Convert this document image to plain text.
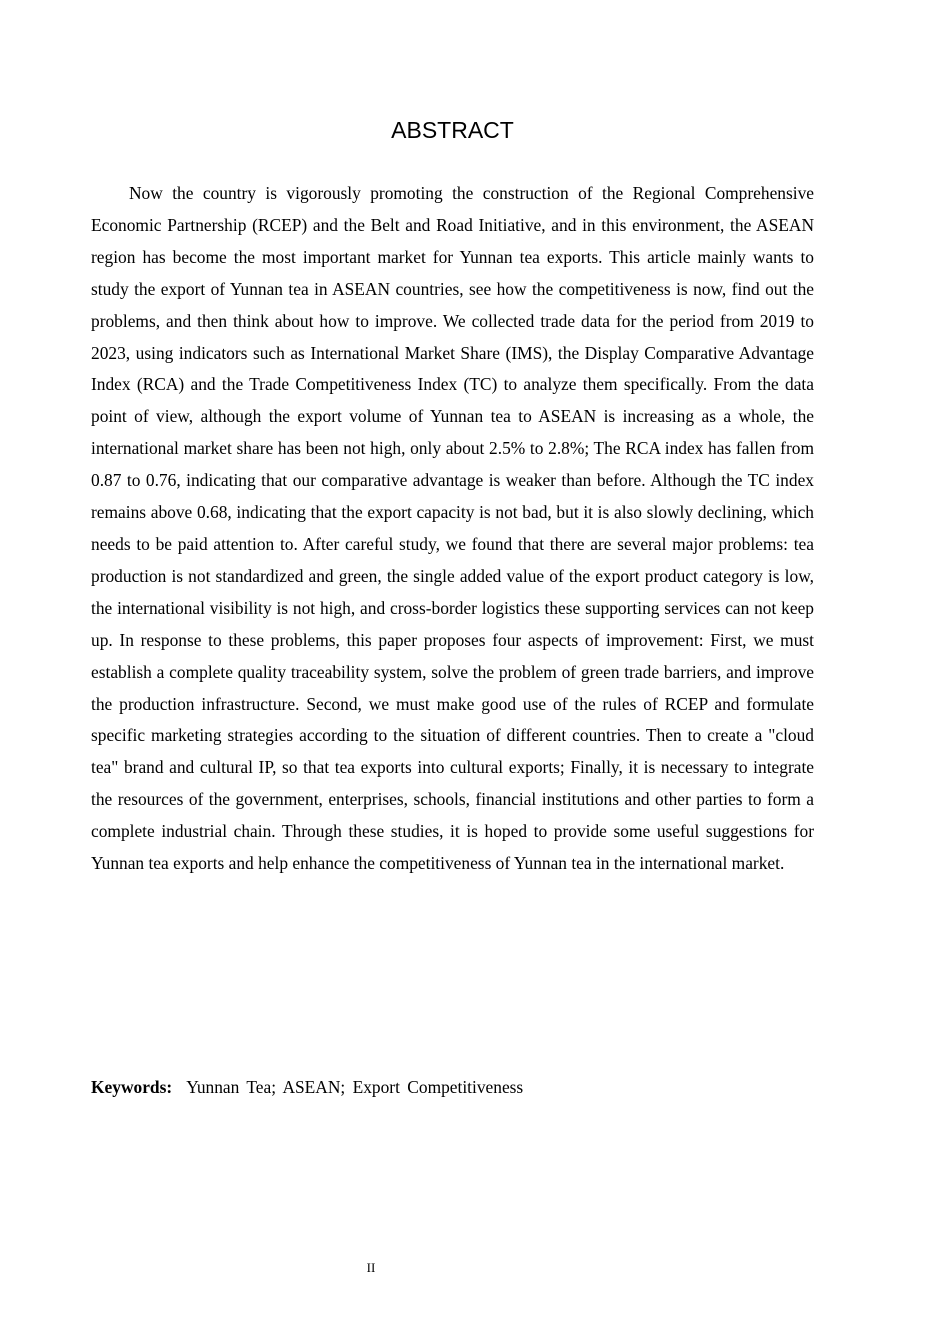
ABSTRACT

Now the country is vigorously promoting the construction of the Regional Comprehensive Economic Partnership (RCEP) and the Belt and Road Initiative, and in this environment, the ASEAN region has become the most important market for Yunnan tea exports. This article mainly wants to study the export of Yunnan tea in ASEAN countries, see how the competitiveness is now, find out the problems, and then think about how to improve. We collected trade data for the period from 2019 to 2023, using indicators such as International Market Share (IMS), the Display Comparative Advantage Index (RCA) and the Trade Competitiveness Index (TC) to analyze them specifically. From the data point of view, although the export volume of Yunnan tea to ASEAN is increasing as a whole, the international market share has been not high, only about 2.5% to 2.8%; The RCA index has fallen from 0.87 to 0.76, indicating that our comparative advantage is weaker than before. Although the TC index remains above 0.68, indicating that the export capacity is not bad, but it is also slowly declining, which needs to be paid attention to. After careful study, we found that there are several major problems: tea production is not standardized and green, the single added value of the export product category is low, the international visibility is not high, and cross-border logistics these supporting services can not keep up. In response to these problems, this paper proposes four aspects of improvement: First, we must establish a complete quality traceability system, solve the problem of green trade barriers, and improve the production infrastructure. Second, we must make good use of the rules of RCEP and formulate specific marketing strategies according to the situation of different countries. Then to create a "cloud tea" brand and cultural IP, so that tea exports into cultural exports; Finally, it is necessary to integrate the resources of the government, enterprises, schools, financial institutions and other parties to form a complete industrial chain. Through these studies, it is hoped to provide some useful suggestions for Yunnan tea exports and help enhance the competitiveness of Yunnan tea in the international market.

Keywords: Yunnan Tea; ASEAN; Export Competitiveness

II
